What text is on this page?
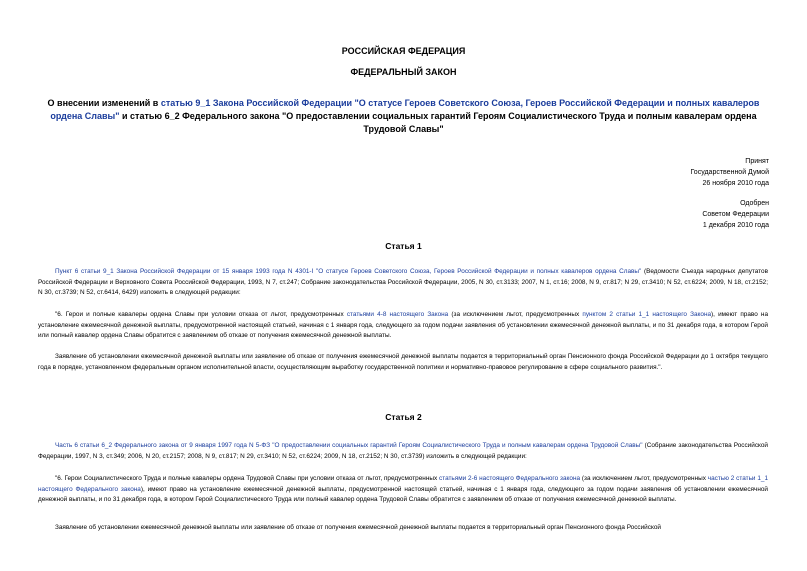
РОССИЙСКАЯ ФЕДЕРАЦИЯ
ФЕДЕРАЛЬНЫЙ ЗАКОН
О внесении изменений в статью 9_1 Закона Российской Федерации "О статусе Героев Советского Союза, Героев Российской Федерации и полных кавалеров ордена Славы" и статью 6_2 Федерального закона "О предоставлении социальных гарантий Героям Социалистического Труда и полным кавалерам ордена Трудовой Славы"
Принят
Государственной Думой
26 ноября 2010 года
Одобрен
Советом Федерации
1 декабря 2010 года
Статья 1
Пункт 6 статьи 9_1 Закона Российской Федерации от 15 января 1993 года N 4301-I "О статусе Героев Советского Союза, Героев Российской Федерации и полных кавалеров ордена Славы" (Ведомости Съезда народных депутатов Российской Федерации и Верховного Совета Российской Федерации, 1993, N 7, ст.247; Собрание законодательства Российской Федерации, 2005, N 30, ст.3133; 2007, N 1, ст.16; 2008, N 9, ст.817; N 29, ст.3410; N 52, ст.6224; 2009, N 18, ст.2152; N 30, ст.3739; N 52, ст.6414, 6429) изложить в следующей редакции:
"6. Герои и полные кавалеры ордена Славы при условии отказа от льгот, предусмотренных статьями 4-8 настоящего Закона (за исключением льгот, предусмотренных пунктом 2 статьи 1_1 настоящего Закона), имеют право на установление ежемесячной денежной выплаты, предусмотренной настоящей статьей, начиная с 1 января года, следующего за годом подачи заявления об установлении ежемесячной денежной выплаты, и по 31 декабря года, в котором Герой или полный кавалер ордена Славы обратится с заявлением об отказе от получения ежемесячной денежной выплаты.
Заявление об установлении ежемесячной денежной выплаты или заявление об отказе от получения ежемесячной денежной выплаты подается в территориальный орган Пенсионного фонда Российской Федерации до 1 октября текущего года в порядке, установленном федеральным органом исполнительной власти, осуществляющим выработку государственной политики и нормативно-правовое регулирование в сфере социального развития.".
Статья 2
Часть 6 статьи 6_2 Федерального закона от 9 января 1997 года N 5-ФЗ "О предоставлении социальных гарантий Героям Социалистического Труда и полным кавалерам ордена Трудовой Славы" (Собрание законодательства Российской Федерации, 1997, N 3, ст.349; 2006, N 20, ст.2157; 2008, N 9, ст.817; N 29, ст.3410; N 52, ст.6224; 2009, N 18, ст.2152; N 30, ст.3739) изложить в следующей редакции:
"6. Герои Социалистического Труда и полные кавалеры ордена Трудовой Славы при условии отказа от льгот, предусмотренных статьями 2-6 настоящего Федерального закона (за исключением льгот, предусмотренных частью 2 статьи 1_1 настоящего Федерального закона), имеют право на установление ежемесячной денежной выплаты, предусмотренной настоящей статьей, начиная с 1 января года, следующего за годом подачи заявления об установлении ежемесячной денежной выплаты, и по 31 декабря года, в котором Герой Социалистического Труда или полный кавалер ордена Трудовой Славы обратится с заявлением об отказе от получения ежемесячной денежной выплаты.
Заявление об установлении ежемесячной денежной выплаты или заявление об отказе от получения ежемесячной денежной выплаты подается в территориальный орган Пенсионного фонда Российской
